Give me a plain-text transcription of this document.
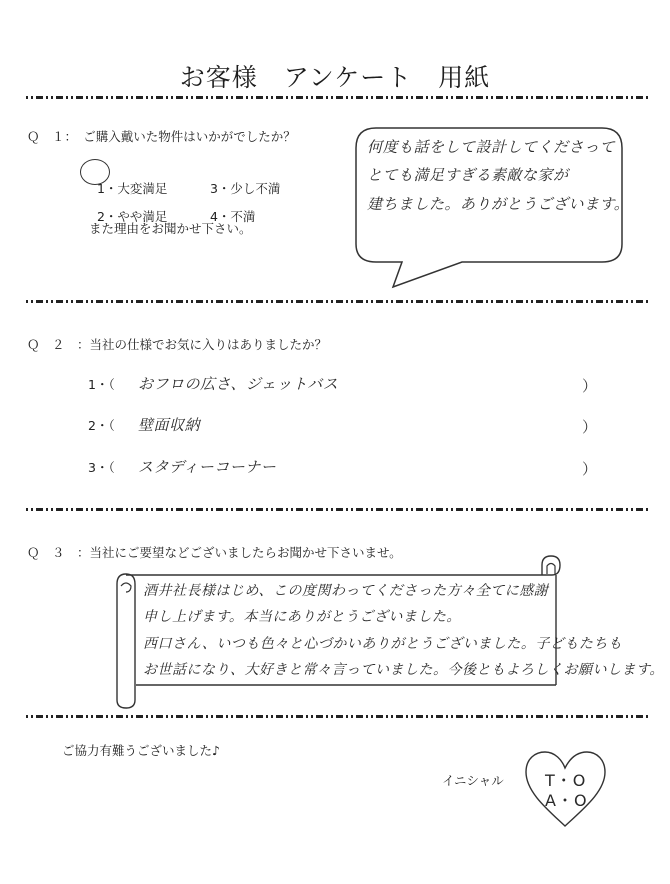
お客様　アンケート　用紙
Ｑ　１：　ご購入戴いた物件はいかがでしたか？

1・大変満足	3・少し不満

2・やや満足	4・不満

また理由をお聞かせ下さい。
何度も話をして設計してくださって
とても満足すぎる素敵な家が
建ちました。ありがとうございます。
Ｑ　２　：当社の仕様でお気に入りはありましたか？
1・（ おフロの広さ、ジェットバス	）
2・（ 壁面収納	）
3・（ スタディーコーナー	）
Ｑ　３　：当社にご要望などございましたらお聞かせ下さいませ。
酒井社長様はじめ、この度関わってくださった方々全てに感謝
申し上げます。本当にありがとうございました。
西口さん、いつも色々と心づかいありがとうございました。子どもたちも
お世話になり、大好きと常々言っていました。今後ともよろしくお願いします。
ご協力有難うございました♪
イニシャル	T・O
A・O
